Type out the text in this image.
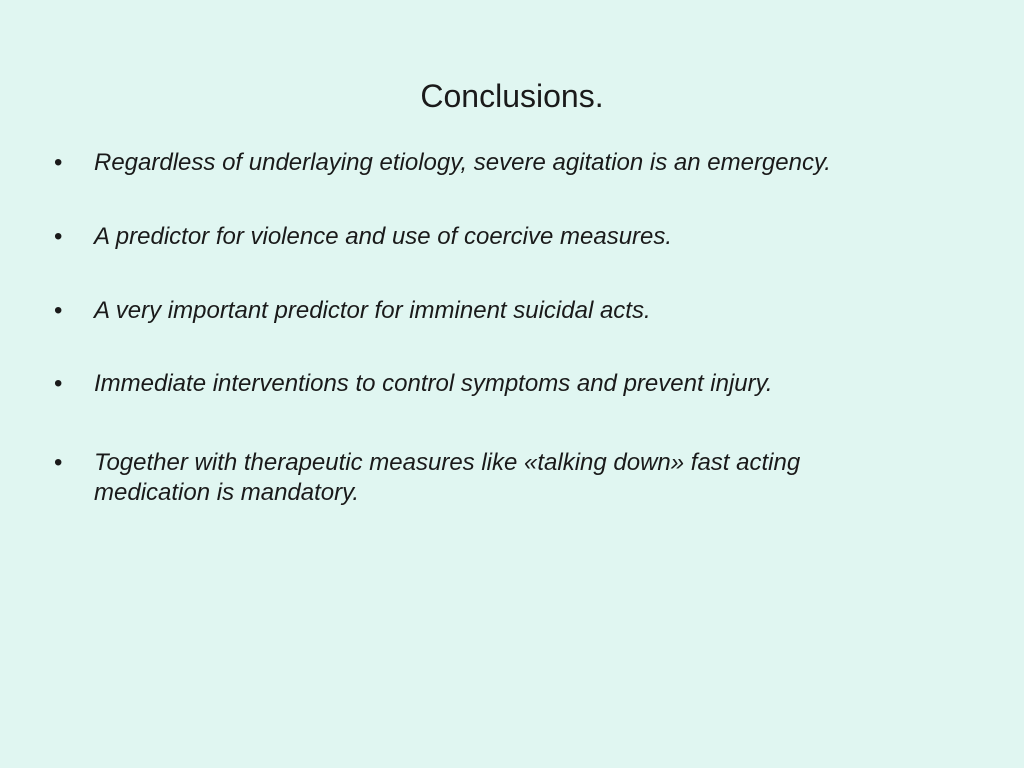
Conclusions.
• Regardless of underlaying etiology, severe agitation is an emergency.
• A predictor for violence and use of coercive measures.
• A very important predictor for imminent suicidal acts.
• Immediate interventions to control symptoms and prevent injury.
• Together with therapeutic measures like «talking down» fast acting medication is mandatory.
